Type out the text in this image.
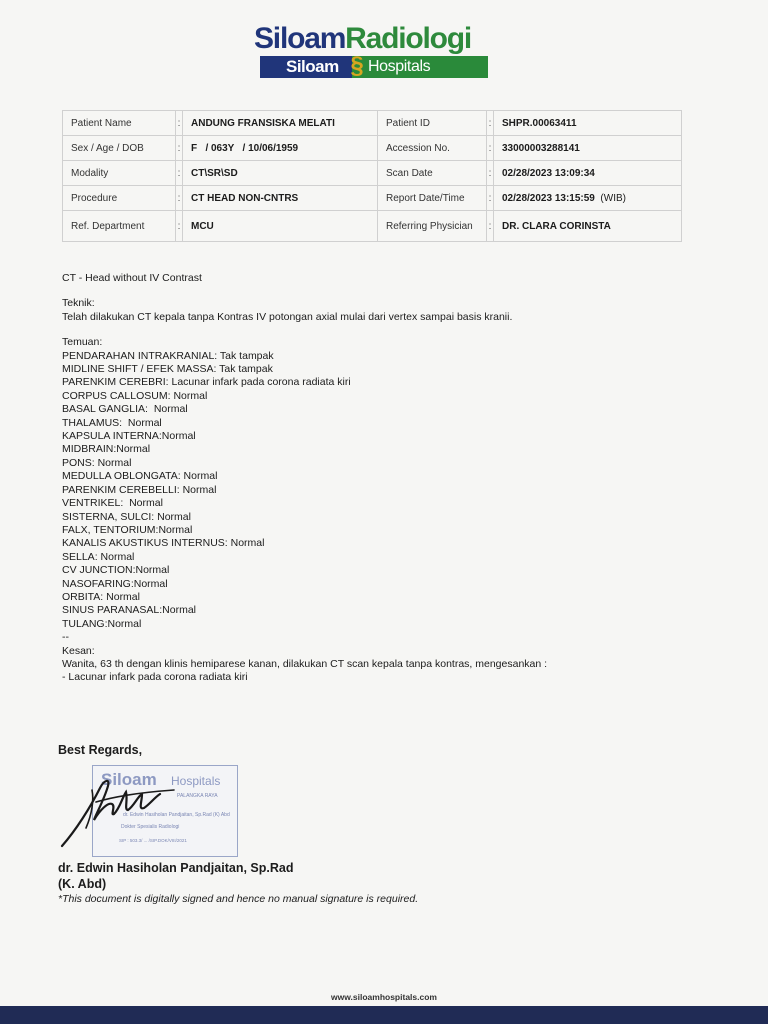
SiloamRadiologi
Siloam § Hospitals
Patient Name	:	ANDUNG FRANSISKA MELATI	Patient ID	:	SHPR.00063411
Sex / Age / DOB	:	F   / 063Y   / 10/06/1959	Accession No.	:	33000003288141
Modality	:	CT\SR\SD	Scan Date	:	02/28/2023 13:09:34
Procedure	:	CT HEAD NON-CNTRS	Report Date/Time	:	02/28/2023 13:15:59 (WIB)
Ref. Department	:	MCU	Referring Physician	:	DR. CLARA CORINSTA
CT - Head without IV Contrast
Teknik:
Telah dilakukan CT kepala tanpa Kontras IV potongan axial mulai dari vertex sampai basis kranii.
Temuan:
PENDARAHAN INTRAKRANIAL: Tak tampak
MIDLINE SHIFT / EFEK MASSA: Tak tampak
PARENKIM CEREBRI: Lacunar infark pada corona radiata kiri
CORPUS CALLOSUM: Normal
BASAL GANGLIA:  Normal
THALAMUS:  Normal
KAPSULA INTERNA:Normal
MIDBRAIN:Normal
PONS: Normal
MEDULLA OBLONGATA: Normal
PARENKIM CEREBELLI: Normal
VENTRIKEL:  Normal
SISTERNA, SULCI: Normal
FALX, TENTORIUM:Normal
KANALIS AKUSTIKUS INTERNUS: Normal
SELLA: Normal
CV JUNCTION:Normal
NASOFARING:Normal
ORBITA: Normal
SINUS PARANASAL:Normal
TULANG:Normal
--
Kesan:
Wanita, 63 th dengan klinis hemiparese kanan, dilakukan CT scan kepala tanpa kontras, mengesankan :
- Lacunar infark pada corona radiata kiri
Best Regards,
Siloam Hospitals
PALANGKA RAYA
dr. Edwin Hasiholan Pandjaitan, Sp.Rad (K) Abd
Dokter Spesialis Radiologi
SIP : 503.3/ ... /SIP.DOK/VIII/2021
dr. Edwin Hasiholan Pandjaitan, Sp.Rad
(K. Abd)
*This document is digitally signed and hence no manual signature is required.
www.siloamhospitals.com
